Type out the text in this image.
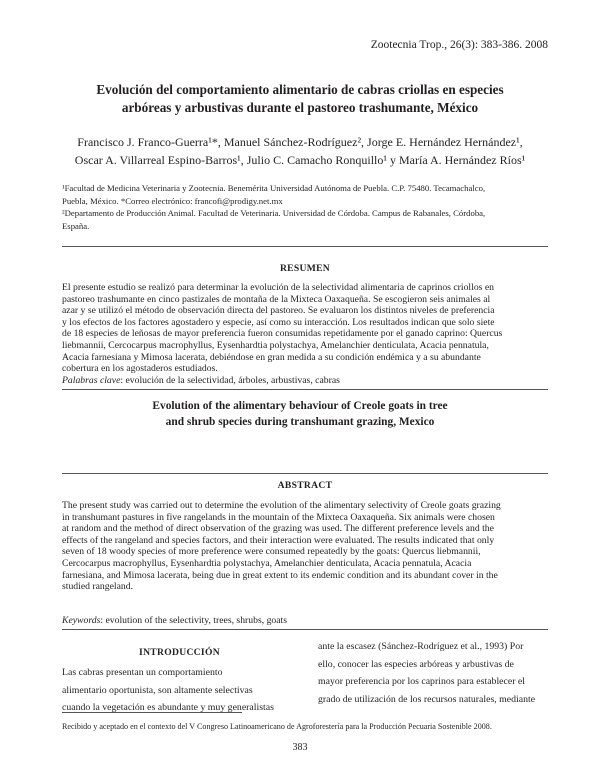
Zootecnia Trop., 26(3): 383-386. 2008
Evolución del comportamiento alimentario de cabras criollas en especies
arbóreas y arbustivas durante el pastoreo trashumante, México
Francisco J. Franco-Guerra¹*, Manuel Sánchez-Rodríguez², Jorge E. Hernández Hernández¹,
Oscar A. Villarreal Espino-Barros¹, Julio C. Camacho Ronquillo¹ y María A. Hernández Ríos¹
¹Facultad de Medicina Veterinaria y Zootecnia. Benemérita Universidad Autónoma de Puebla. C.P. 75480. Tecamachalco,
Puebla, México. *Correo electrónico: francofi@prodigy.net.mx
²Departamento de Producción Animal. Facultad de Veterinaria. Universidad de Córdoba. Campus de Rabanales, Córdoba,
España.
RESUMEN
El presente estudio se realizó para determinar la evolución de la selectividad alimentaria de caprinos criollos en
pastoreo trashumante en cinco pastizales de montaña de la Mixteca Oaxaqueña. Se escogieron seis animales al
azar y se utilizó el método de observación directa del pastoreo. Se evaluaron los distintos niveles de preferencia
y los efectos de los factores agostadero y especie, así como su interacción. Los resultados indican que solo siete
de 18 especies de leñosas de mayor preferencia fueron consumidas repetidamente por el ganado caprino: Quercus
liebmannii, Cercocarpus macrophyllus, Eysenhardtia polystachya, Amelanchier denticulata, Acacia pennatula,
Acacia farnesiana y Mimosa lacerata, debiéndose en gran medida a su condición endémica y a su abundante
cobertura en los agostaderos estudiados.
Palabras clave: evolución de la selectividad, árboles, arbustivas, cabras
Evolution of the alimentary behaviour of Creole goats in tree
and shrub species during transhumant grazing, Mexico
ABSTRACT
The present study was carried out to determine the evolution of the alimentary selectivity of Creole goats grazing
in transhumant pastures in five rangelands in the mountain of the Mixteca Oaxaqueña. Six animals were chosen
at random and the method of direct observation of the grazing was used. The different preference levels and the
effects of the rangeland and species factors, and their interaction were evaluated. The results indicated that only
seven of 18 woody species of more preference were consumed repeatedly by the goats: Quercus liebmannii,
Cercocarpus macrophyllus, Eysenhardtia polystachya, Amelanchier denticulata, Acacia pennatula, Acacia
farnesiana, and Mimosa lacerata, being due in great extent to its endemic condition and its abundant cover in the
studied rangeland.
Keywords: evolution of the selectivity, trees, shrubs, goats
INTRODUCCIÓN
Las cabras presentan un comportamiento
alimentario oportunista, son altamente selectivas
cuando la vegetación es abundante y muy generalistas
ante la escasez (Sánchez-Rodríguez et al., 1993) Por
ello, conocer las especies arbóreas y arbustivas de
mayor preferencia por los caprinos para establecer el
grado de utilización de los recursos naturales, mediante
Recibido y aceptado en el contexto del V Congreso Latinoamericano de Agroforestería para la Producción Pecuaria Sostenible 2008.
383
